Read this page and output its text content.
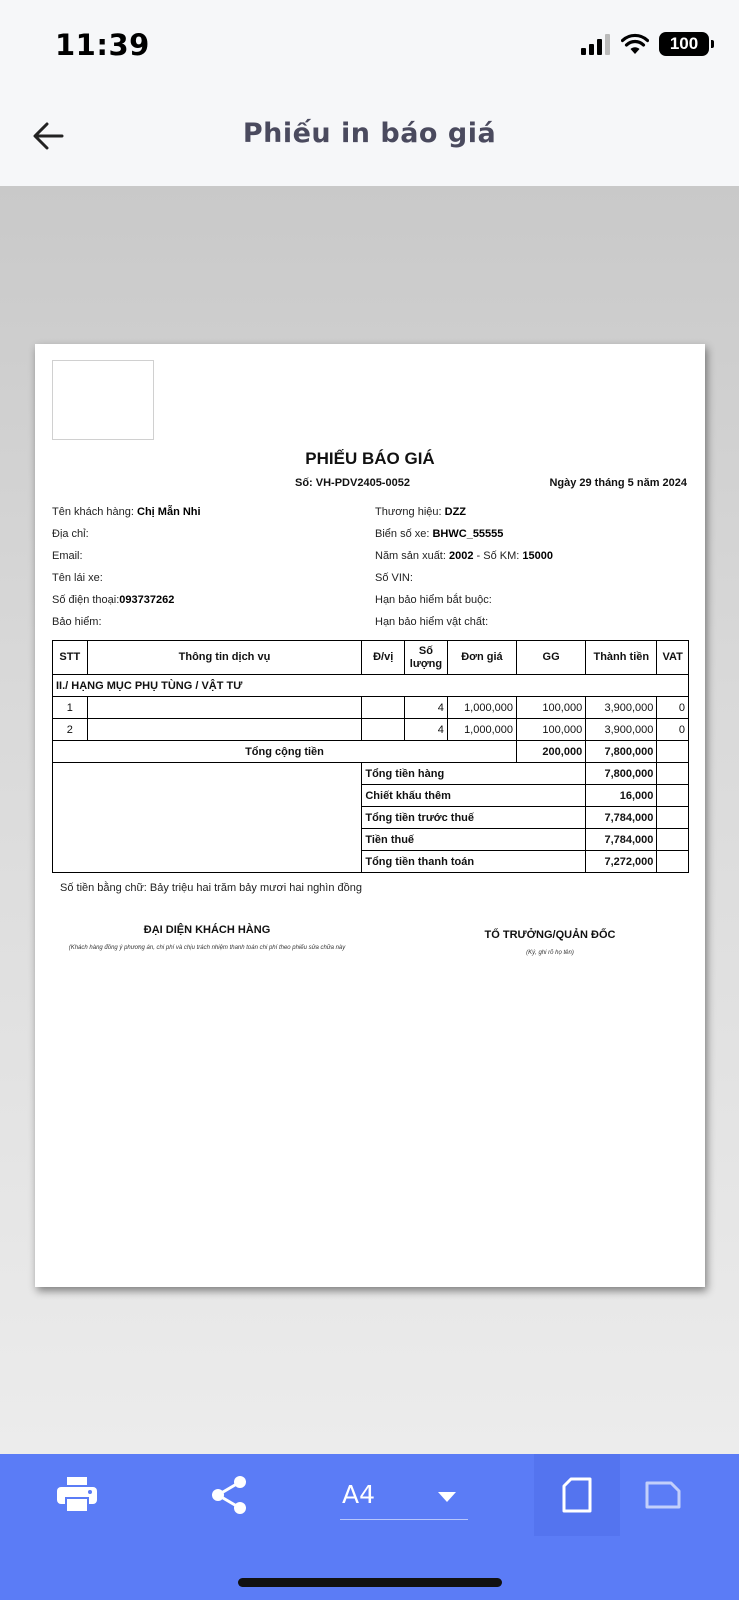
11:39	100
Phiếu in báo giá
PHIẾU BÁO GIÁ
Số: VH-PDV2405-0052	Ngày 29 tháng 5 năm 2024
Tên khách hàng: Chị Mẫn Nhi
Địa chỉ:
Email:
Tên lái xe:
Số điện thoại:093737262
Bảo hiểm:
Thương hiệu: DZZ
Biển số xe: BHWC_55555
Năm sản xuất: 2002 - Số KM: 15000
Số VIN:
Hạn bảo hiểm bắt buộc:
Hạn bảo hiểm vật chất:
STT	Thông tin dịch vụ	Đ/vị	Số lượng	Đơn giá	GG	Thành tiền	VAT
II./ HẠNG MỤC PHỤ TÙNG / VẬT TƯ							
1			4	1,000,000	100,000	3,900,000	0
2			4	1,000,000	100,000	3,900,000	0
Tổng cộng tiền					200,000	7,800,000	
		Tổng tiền hàng				7,800,000	
		Chiết khấu thêm				16,000	
		Tổng tiền trước thuế				7,784,000	
		Tiền thuế				7,784,000	
		Tổng tiền thanh toán				7,272,000	
Số tiền bằng chữ: Bảy triệu hai trăm bảy mươi hai nghìn đồng
ĐẠI DIỆN KHÁCH HÀNG
(Khách hàng đồng ý phương án, chi phí và chịu trách nhiệm thanh toán chi phí theo phiếu sửa chữa này
TỔ TRƯỞNG/QUẢN ĐỐC
(Ký, ghi rõ họ tên)
A4
